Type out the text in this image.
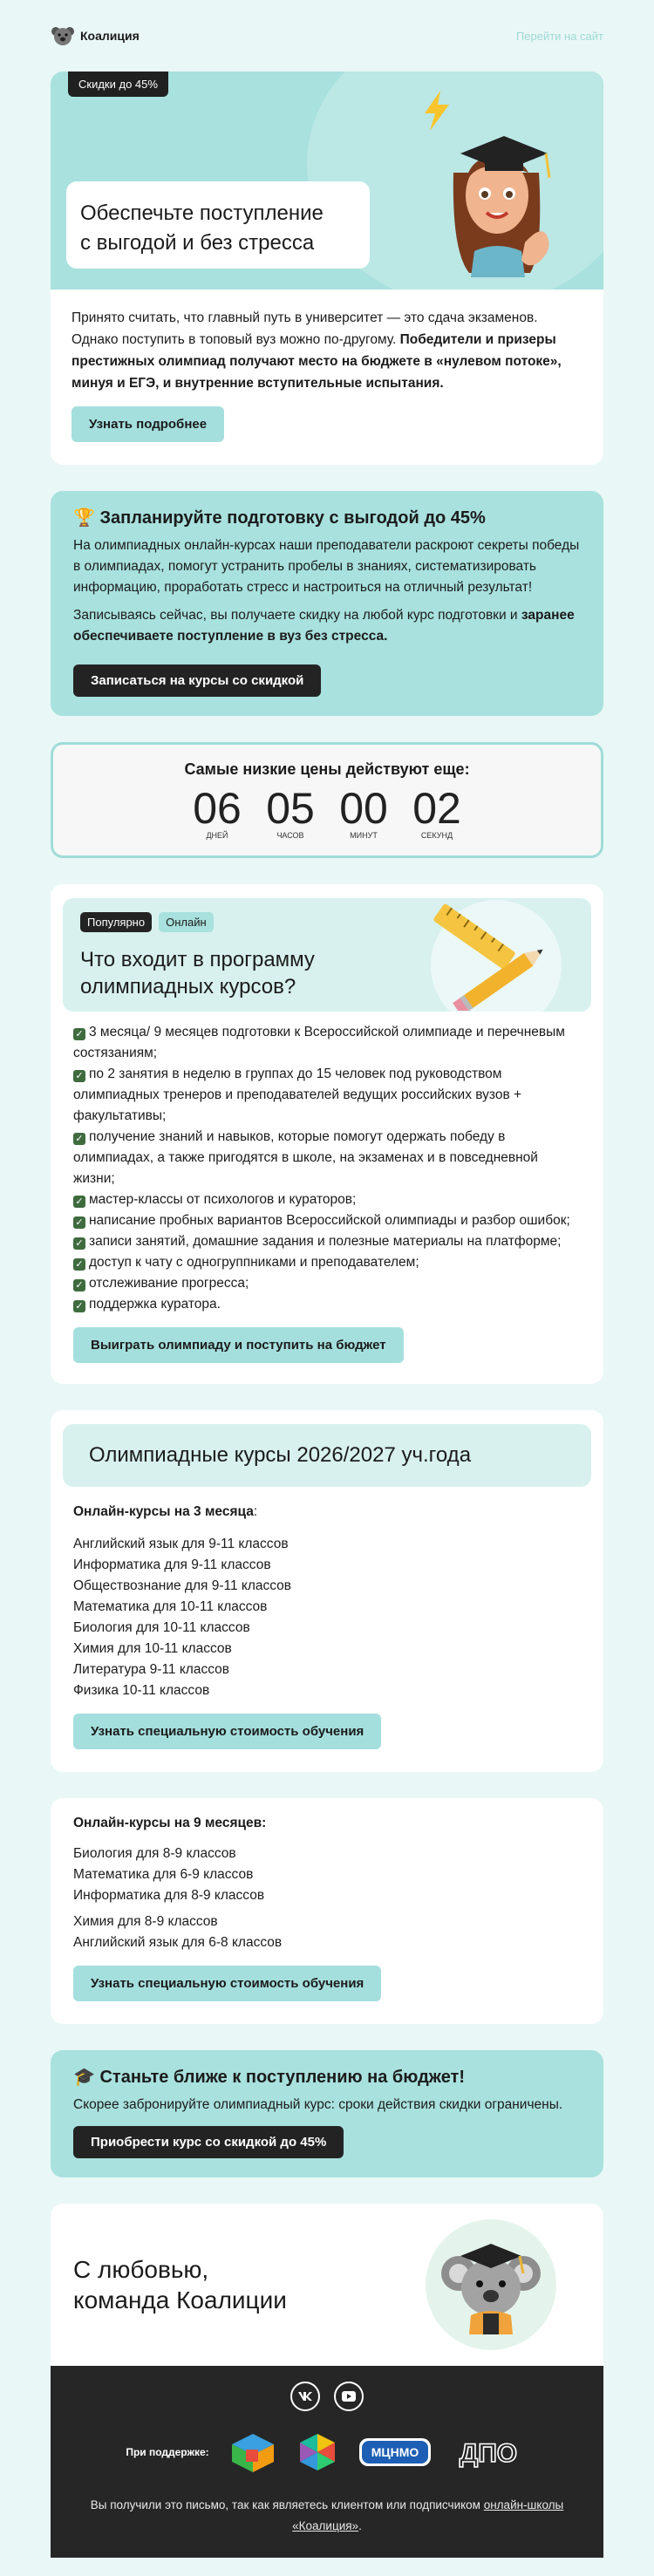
Коалиция	Перейти на сайт
Скидки до 45%
Обеспечьте поступление
с выгодой и без стресса

Принято считать, что главный путь в университет — это сдача экзаменов. Однако поступить в топовый вуз можно по-другому. Победители и призеры престижных олимпиад получают место на бюджете в «нулевом потоке», минуя и ЕГЭ, и внутренние вступительные испытания.

Узнать подробнее
🏆 Запланируйте подготовку с выгодой до 45%

На олимпиадных онлайн-курсах наши преподаватели раскроют секреты победы в олимпиадах, помогут устранить пробелы в знаниях, систематизировать информацию, проработать стресс и настроиться на отличный результат!

Записываясь сейчас, вы получаете скидку на любой курс подготовки и заранее обеспечиваете поступление в вуз без стресса.

Записаться на курсы со скидкой
Самые низкие цены действуют еще:
06
ДНЕЙ
05
ЧАСОВ
00
МИНУТ
02
СЕКУНД
Популярно	Онлайн
Что входит в программу
олимпиадных курсов?
✓ 3 месяца/ 9 месяцев подготовки к Всероссийской олимпиаде и перечневым состязаниям;
✓ по 2 занятия в неделю в группах до 15 человек под руководством олимпиадных тренеров и преподавателей ведущих российских вузов + факультативы;
✓ получение знаний и навыков, которые помогут одержать победу в олимпиадах, а также пригодятся в школе, на экзаменах и в повседневной жизни;
✓ мастер-классы от психологов и кураторов;
✓ написание пробных вариантов Всероссийской олимпиады и разбор ошибок;
✓ записи занятий, домашние задания и полезные материалы на платформе;
✓ доступ к чату с одногруппниками и преподавателем;
✓ отслеживание прогресса;
✓ поддержка куратора.
Выиграть олимпиаду и поступить на бюджет
Олимпиадные курсы 2026/2027 уч.года

Онлайн-курсы на 3 месяца:

Английский язык для 9-11 классов
Информатика для 9-11 классов
Обществознание для 9-11 классов
Математика для 10-11 классов
Биология для 10-11 классов
Химия для 10-11 классов
Литература 9-11 классов
Физика 10-11 классов
Узнать специальную стоимость обучения

Онлайн-курсы на 9 месяцев:

Биология для 8-9 классов
Математика для 6-9 классов
Информатика для 8-9 классов
Химия для 8-9 классов
Английский язык для 6-8 классов
Узнать специальную стоимость обучения
🎓 Станьте ближе к поступлению на бюджет!

Скорее забронируйте олимпиадный курс: сроки действия скидки ограничены.

Приобрести курс со скидкой до 45%
С любовью,
команда Коалиции
При поддержке:	МЦНМО ДПО

Вы получили это письмо, так как являетесь клиентом или подписчиком онлайн-школы «Коалиция».
